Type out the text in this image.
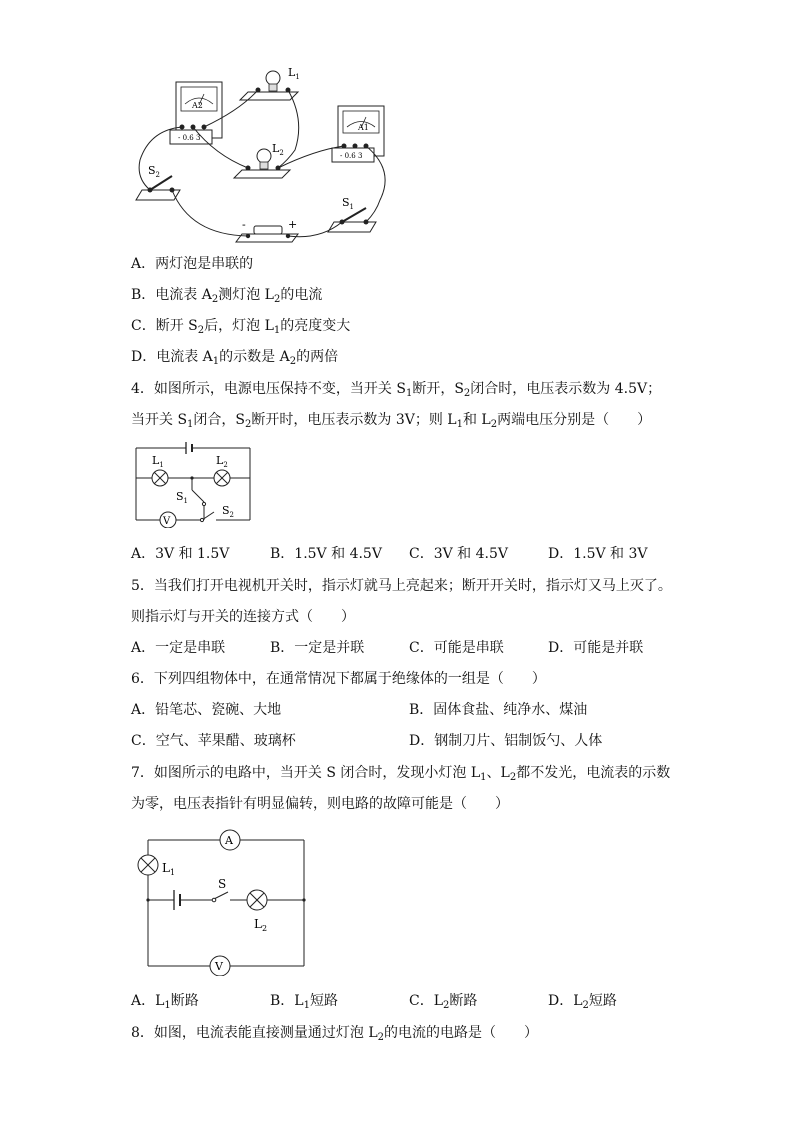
A2
- 0.6 3
$L_1$
$L_2$
A1
- 0.6 3
$S_2$
$S_1$
-	+
A．两灯泡是串联的
B．电流表 $A_2$测灯泡 $L_2$的电流
C．断开 $S_2$后，灯泡 $L_1$的亮度变大
D．电流表 $A_1$的示数是 $A_2$的两倍
4．如图所示，电源电压保持不变，当开关 $S_1$断开，$S_2$闭合时，电压表示数为 4.5V；
当开关 $S_1$闭合，$S_2$断开时，电压表示数为 3V；则 $L_1$和 $L_2$两端电压分别是（　　）
V
$L_1$	$L_2$
$S_1$
$S_2$
A．3V 和 1.5V	B．1.5V 和 4.5V C．3V 和 4.5V	D．1.5V 和 3V
5．当我们打开电视机开关时，指示灯就马上亮起来；断开开关时，指示灯又马上灭了。
则指示灯与开关的连接方式（　　）
A．一定是串联	B．一定是并联	C．可能是串联	D．可能是并联
6．下列四组物体中，在通常情况下都属于绝缘体的一组是（　　）
A．铅笔芯、瓷碗、大地	B．固体食盐、纯净水、煤油
C．空气、苹果醋、玻璃杯	D．钢制刀片、铝制饭勺、人体
7．如图所示的电路中，当开关 S 闭合时，发现小灯泡 $L_1$、$L_2$都不发光，电流表的示数
为零，电压表指针有明显偏转，则电路的故障可能是（　　）
A
V
$L_1$
S
$L_2$
A．$L_1$断路	B．$L_1$短路	C．$L_2$断路	D．$L_2$短路
8．如图，电流表能直接测量通过灯泡 $L_2$的电流的电路是（　　）
